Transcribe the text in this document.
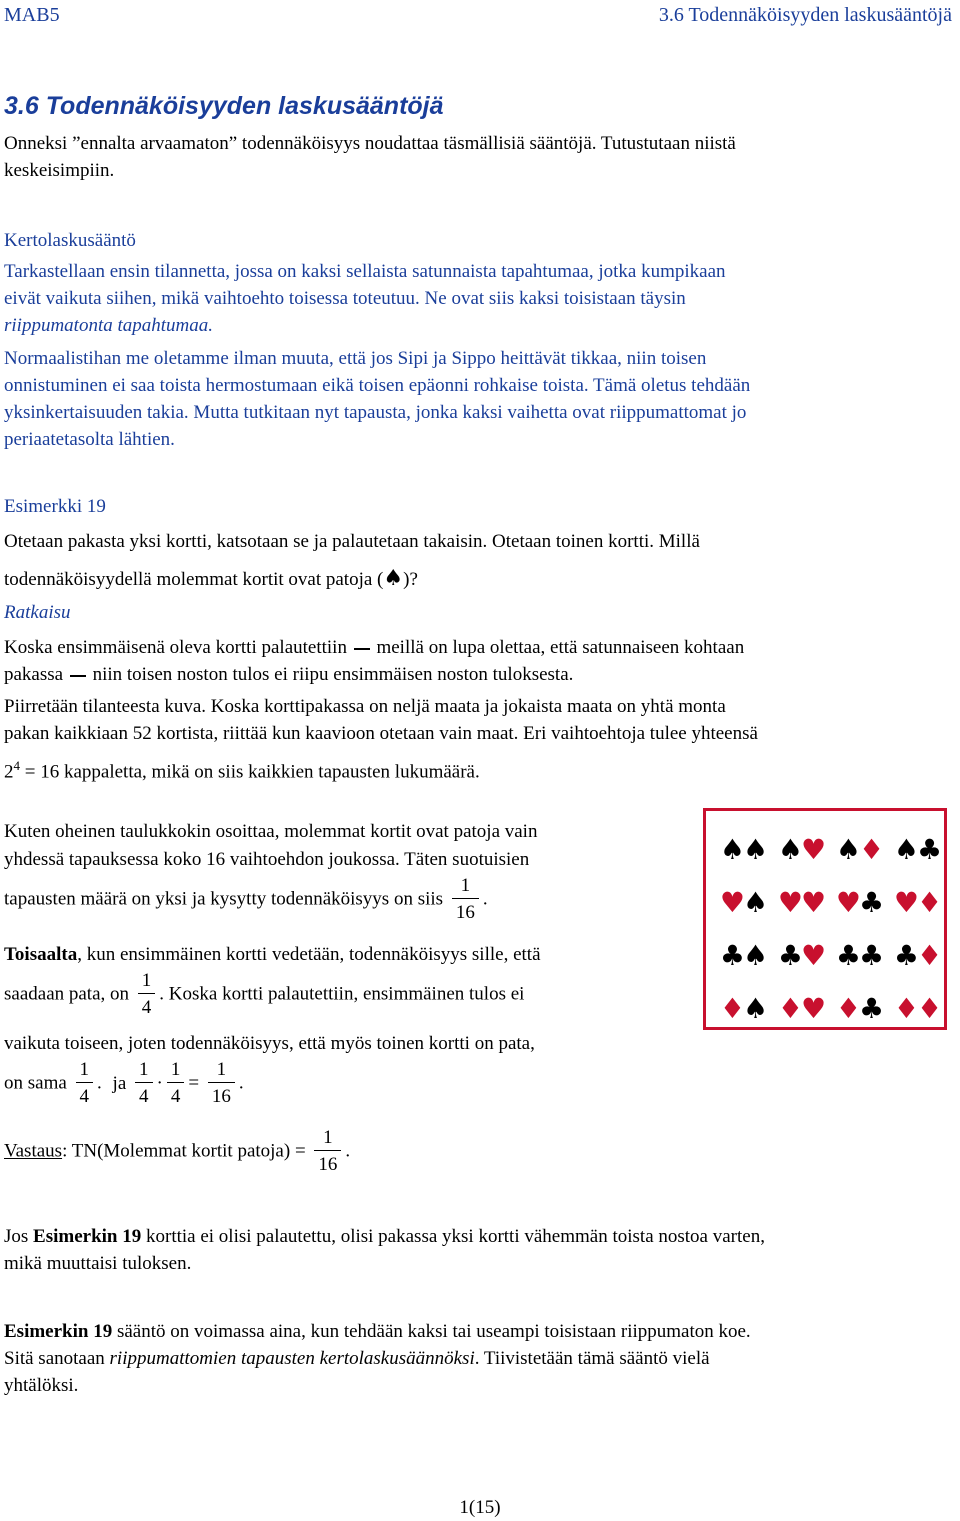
MAB5	3.6 Todennäköisyyden laskusääntöjä
3.6 Todennäköisyyden laskusääntöjä
Onneksi ”ennalta arvaamaton” todennäköisyys noudattaa täsmällisiä sääntöjä. Tutustutaan niistä
keskeisimpiin.
Kertolaskusääntö
Tarkastellaan ensin tilannetta, jossa on kaksi sellaista satunnaista tapahtumaa, jotka kumpikaan
eivät vaikuta siihen, mikä vaihtoehto toisessa toteutuu. Ne ovat siis kaksi toisistaan täysin
riippumatonta tapahtumaa.
Normaalistihan me oletamme ilman muuta, että jos Sipi ja Sippo heittävät tikkaa, niin toisen
onnistuminen ei saa toista hermostumaan eikä toisen epäonni rohkaise toista. Tämä oletus tehdään
yksinkertaisuuden takia. Mutta tutkitaan nyt tapausta, jonka kaksi vaihetta ovat riippumattomat jo
periaatetasolta lähtien.
Esimerkki 19
Otetaan pakasta yksi kortti, katsotaan se ja palautetaan takaisin. Otetaan toinen kortti. Millä
todennäköisyydellä molemmat kortit ovat patoja (♠)?
Ratkaisu
Koska ensimmäisenä oleva kortti palautettiin meillä on lupa olettaa, että satunnaiseen kohtaan
pakassa niin toisen noston tulos ei riipu ensimmäisen noston tuloksesta.
Piirretään tilanteesta kuva. Koska korttipakassa on neljä maata ja jokaista maata on yhtä monta
pakan kaikkiaan 52 kortista, riittää kun kaavioon otetaan vain maat. Eri vaihtoehtoja tulee yhteensä
$2^4 = 16$ kappaletta, mikä on siis kaikkien tapausten lukumäärä.
Kuten oheinen taulukkokin osoittaa, molemmat kortit ovat patoja vain
yhdessä tapauksessa koko 16 vaihtoehdon joukossa. Täten suotuisien
tapausten määrä on yksi ja kysytty todennäköisyys on siis $\frac{1}{16}$ .
Toisaalta, kun ensimmäinen kortti vedetään, todennäköisyys sille, että
saadaan pata, on $\frac{1}{4}$ . Koska kortti palautettiin, ensimmäinen tulos ei
vaikuta toiseen, joten todennäköisyys, että myös toinen kortti on pata,
on sama $\frac{1}{4}$ . ja $\frac{1}{4} \cdot \frac{1}{4} = \frac{1}{16}$ .
Vastaus: TN(Molemmat kortit patoja) = $\frac{1}{16}$ .
♠♠ ♠♥ ♠♦ ♠♣
♥♠ ♥♥ ♥♣ ♥♦
♣♠ ♣♥ ♣♣ ♣♦
♦♠ ♦♥ ♦♣ ♦♦
Jos Esimerkin 19 korttia ei olisi palautettu, olisi pakassa yksi kortti vähemmän toista nostoa varten,
mikä muuttaisi tuloksen.
Esimerkin 19 sääntö on voimassa aina, kun tehdään kaksi tai useampi toisistaan riippumaton koe.
Sitä sanotaan riippumattomien tapausten kertolaskusäännöksi. Tiivistetään tämä sääntö vielä
yhtälöksi.
1(15)
